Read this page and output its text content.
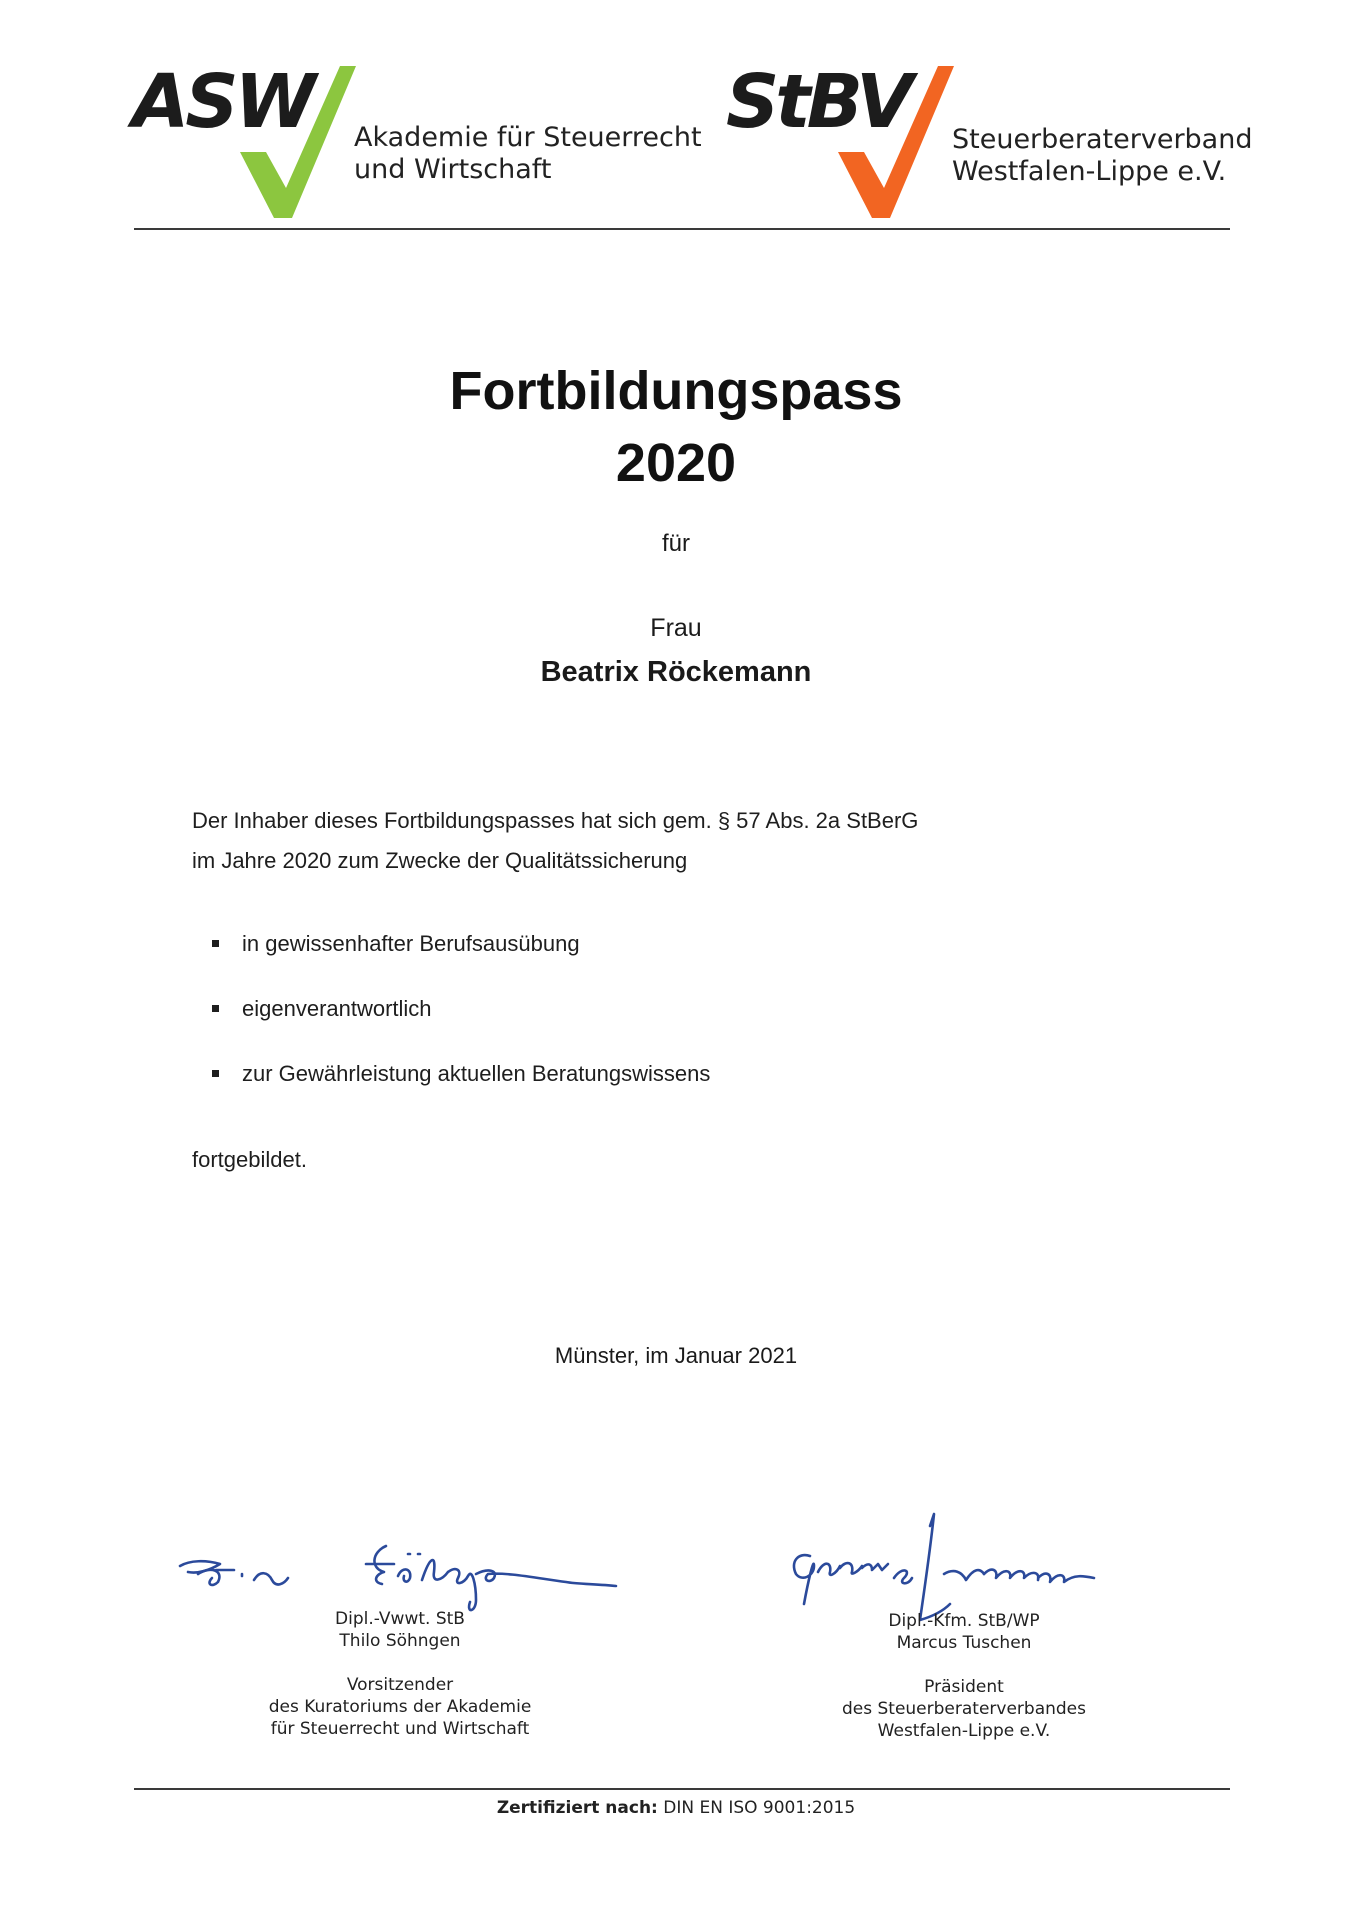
ASW Akademie für Steuerrecht
und Wirtschaft
StBV Steuerberaterverband
Westfalen-Lippe e.V.
Fortbildungspass
2020
für
Frau
Beatrix Röckemann
Der Inhaber dieses Fortbildungspasses hat sich gem. § 57 Abs. 2a StBerG
im Jahre 2020 zum Zwecke der Qualitätssicherung
in gewissenhafter Berufsausübung
eigenverantwortlich
zur Gewährleistung aktuellen Beratungswissens
fortgebildet.
Münster, im Januar 2021
Dipl.-Vwwt. StB
Thilo Söhngen
Vorsitzender
des Kuratoriums der Akademie
für Steuerrecht und Wirtschaft
Dipl.-Kfm. StB/WP
Marcus Tuschen
Präsident
des Steuerberaterverbandes
Westfalen-Lippe e.V.
Zertifiziert nach: DIN EN ISO 9001:2015
